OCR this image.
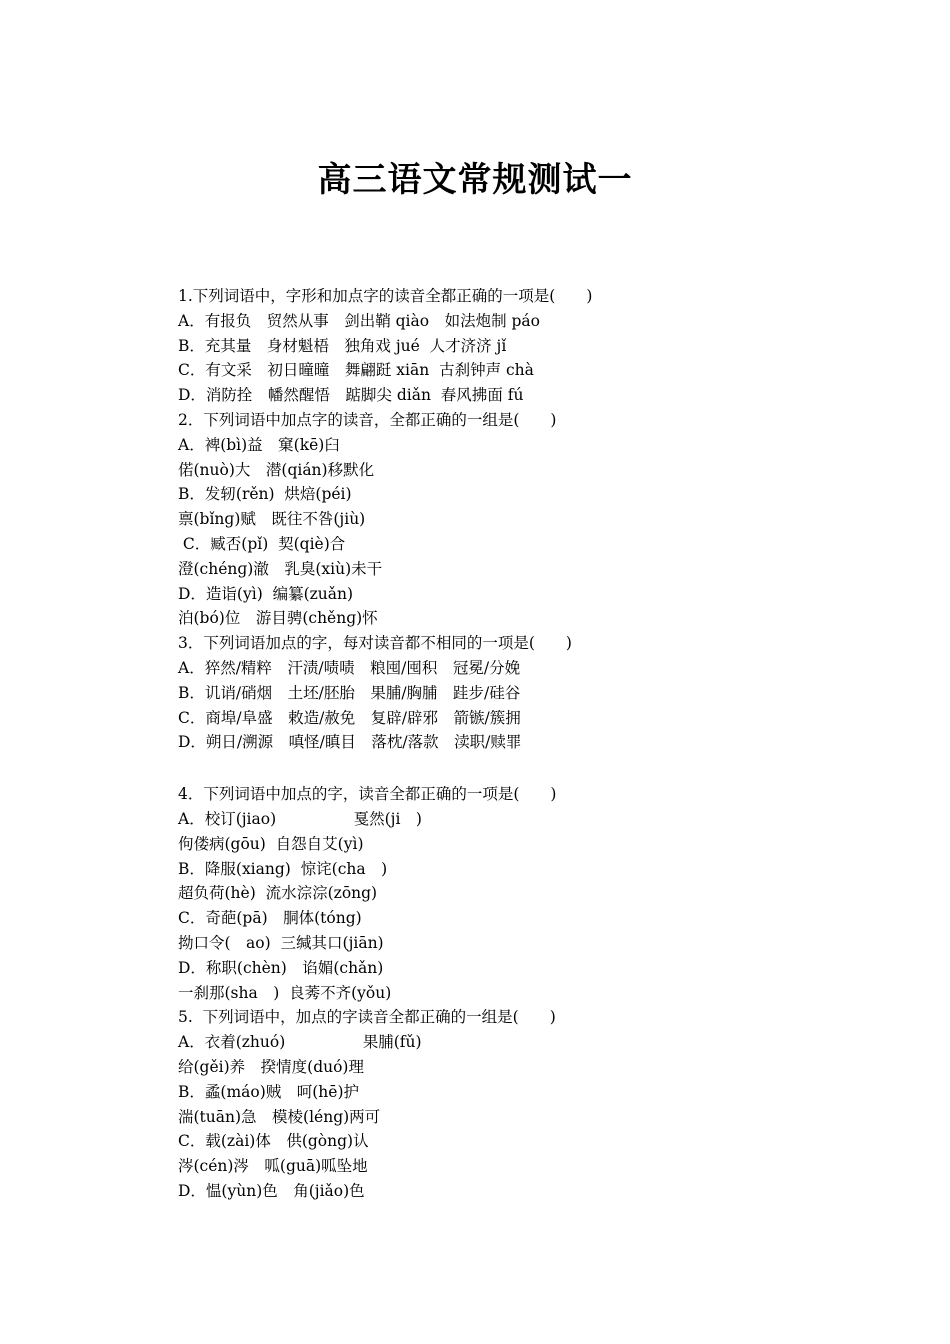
高三语文常规测试一
1.下列词语中，字形和加点字的读音全都正确的一项是(　　)
A．有报负　贸然从事　剑出鞘 qiào　如法炮制 páo
B．充其量　身材魁梧　独角戏 jué  人才济济 jǐ
C．有文采　初日曈曈　舞翩跹 xiān  古刹钟声 chà
D．消防拴　幡然醒悟　踮脚尖 diǎn  春风拂面 fú
2．下列词语中加点字的读音，全都正确的一组是(　　)
A．裨(bì)益　窠(kē)臼
偌(nuò)大　潜(qián)移默化
B．发轫(rěn)  烘焙(péi)
禀(bǐnɡ)赋　既往不咎(jiù)
C．臧否(pǐ)  契(qiè)合
澄(chénɡ)澈　乳臭(xiù)未干
D．造诣(yì)  编纂(zuǎn)
泊(bó)位　游目骋(chěnɡ)怀
3．下列词语加点的字，每对读音都不相同的一项是(　　)
A．猝然/精粹　汗渍/啧啧　粮囤/囤积　冠冕/分娩
B．讥诮/硝烟　土坯/胚胎　果脯/胸脯　跬步/硅谷
C．商埠/阜盛　敕造/赦免　复辟/辟邪　箭镞/簇拥
D．朔日/溯源　嗔怪/瞋目　落枕/落款　渎职/赎罪
4．下列词语中加点的字，读音全都正确的一项是(　　)
A．校订(jiao)　　　　　戛然(ji　)
佝偻病(gōu)  自怨自艾(yì)
B．降服(xiang)  惊诧(cha　)
超负荷(hè)  流水淙淙(zōng)
C．奇葩(pā)　胴体(tóng)
拗口令(　ao)  三缄其口(jiān)
D．称职(chèn)　谄媚(chǎn)
一刹那(sha　)  良莠不齐(yǒu)
5.  下列词语中，加点的字读音全都正确的一组是(　　)
A．衣着(zhuó)　　　　　果脯(fǔ)
给(gěi)养　揆情度(duó)理
B．蟊(máo)贼　呵(hē)护
湍(tuān)急　模棱(léng)两可
C．载(zài)体　供(gòng)认
涔(cén)涔　呱(guā)呱坠地
D．愠(yùn)色　角(jiǎo)色
